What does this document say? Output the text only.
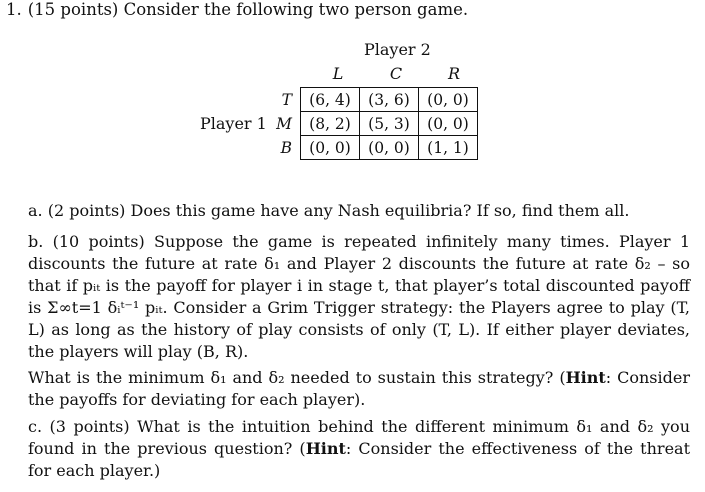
1. (15 points) Consider the following two person game.
Player 2
L	C	R
Player 1
T	(6, 4)	(3, 6)	(0, 0)
M	(8, 2)	(5, 3)	(0, 0)
B	(0, 0)	(0, 0)	(1, 1)
a. (2 points) Does this game have any Nash equilibria? If so, find them all.
b. (10 points) Suppose the game is repeated infinitely many times. Player 1 discounts the future at rate δ₁ and Player 2 discounts the future at rate δ₂ – so that if pᵢₜ is the payoff for player i in stage t, that player’s total discounted payoff is Σ∞t=1 δᵢᵗ⁻¹ pᵢₜ. Consider a Grim Trigger strategy: the Players agree to play (T, L) as long as the history of play consists of only (T, L). If either player deviates, the players will play (B, R).
What is the minimum δ₁ and δ₂ needed to sustain this strategy? (Hint: Consider the payoffs for deviating for each player).
c. (3 points) What is the intuition behind the different minimum δ₁ and δ₂ you found in the previous question? (Hint: Consider the effectiveness of the threat for each player.)
